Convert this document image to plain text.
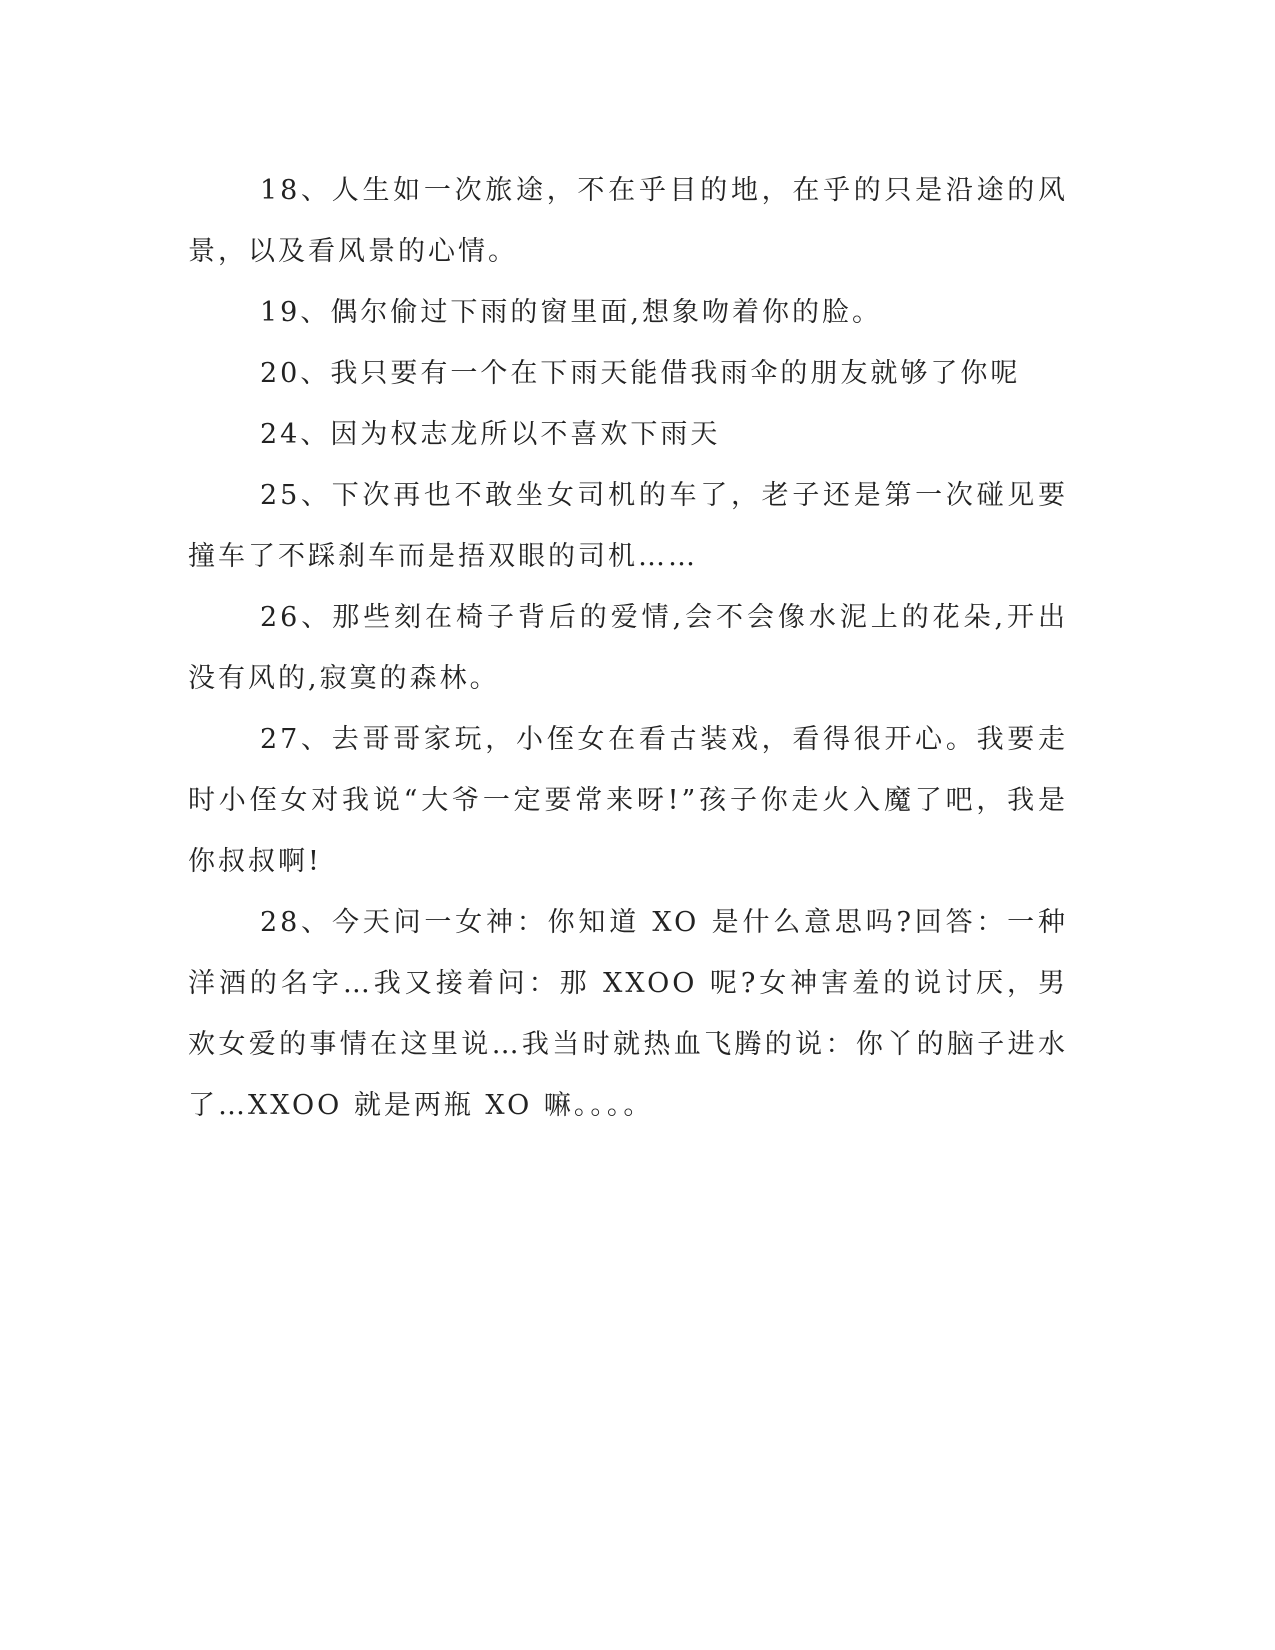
18、人生如一次旅途，不在乎目的地，在乎的只是沿途的风景，以及看风景的心情。

19、偶尔偷过下雨的窗里面,想象吻着你的脸。

20、我只要有一个在下雨天能借我雨伞的朋友就够了你呢

24、因为权志龙所以不喜欢下雨天

25、下次再也不敢坐女司机的车了，老子还是第一次碰见要撞车了不踩刹车而是捂双眼的司机……

26、那些刻在椅子背后的爱情,会不会像水泥上的花朵,开出没有风的,寂寞的森林。

27、去哥哥家玩，小侄女在看古装戏，看得很开心。我要走时小侄女对我说“大爷一定要常来呀!”孩子你走火入魔了吧，我是你叔叔啊!

28、今天问一女神：你知道 XO 是什么意思吗?回答：一种洋酒的名字…我又接着问：那 XXOO 呢?女神害羞的说讨厌，男欢女爱的事情在这里说…我当时就热血飞腾的说：你丫的脑子进水了…XXOO 就是两瓶 XO 嘛。。。。
